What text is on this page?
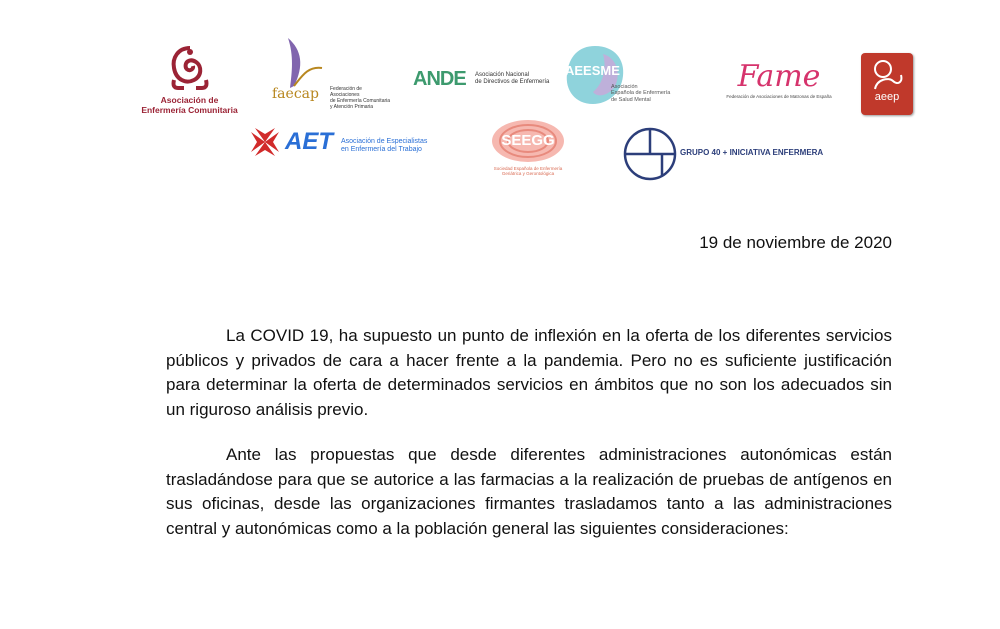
Asociación de
Enfermería Comunitaria
faecap Federación de Asociaciones
de Enfermería Comunitaria
y Atención Primaria
ANDE Asociación Nacional
de Directivos de Enfermería
AEESME
Asociación
Española de Enfermería
de Salud Mental
Fame
Federación de Asociaciones de Matronas de España	aeep
AET Asociación de Especialistas
en Enfermería del Trabajo
SEEGG
Sociedad Española de Enfermería
Geriátrica y Gerontológica
GRUPO 40 + INICIATIVA ENFERMERA
19 de noviembre de 2020

La COVID 19, ha supuesto un punto de inflexión en la oferta de los diferentes servicios públicos y privados de cara a hacer frente a la pandemia. Pero no es suficiente justificación para determinar la oferta de determinados servicios en ámbitos que no son los adecuados sin un riguroso análisis previo.

Ante las propuestas que desde diferentes administraciones autonómicas están trasladándose para que se autorice a las farmacias a la realización de pruebas de antígenos en sus oficinas, desde las organizaciones firmantes trasladamos tanto a las administraciones central y autonómicas como a la población general las siguientes consideraciones:
